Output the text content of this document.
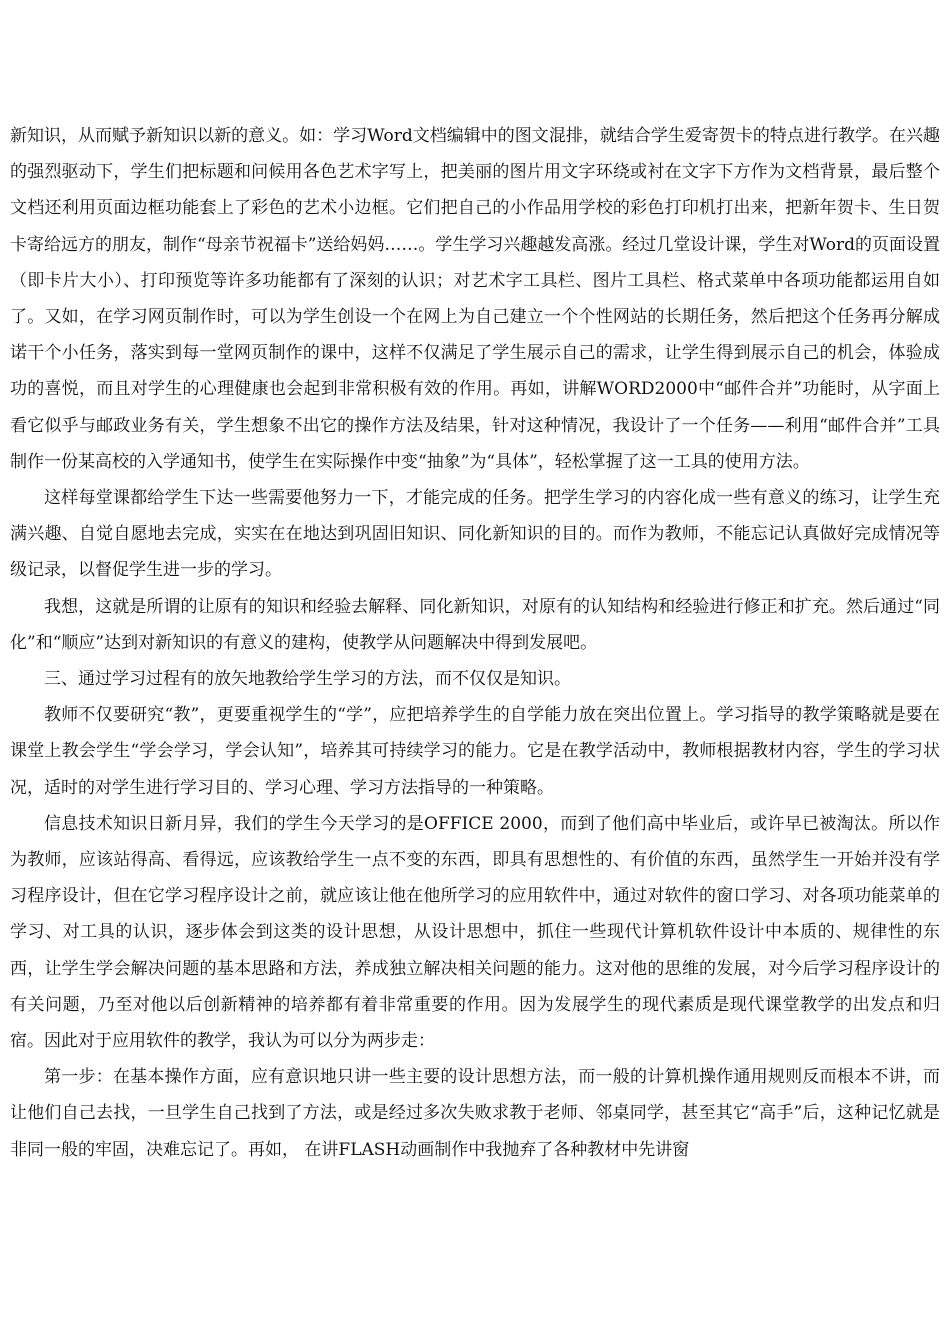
新知识，从而赋予新知识以新的意义。如：学习Word文档编辑中的图文混排，就结合学生爱寄贺卡的特点进行教学。在兴趣的强烈驱动下，学生们把标题和问候用各色艺术字写上，把美丽的图片用文字环绕或衬在文字下方作为文档背景，最后整个文档还利用页面边框功能套上了彩色的艺术小边框。它们把自己的小作品用学校的彩色打印机打出来，把新年贺卡、生日贺卡寄给远方的朋友，制作“母亲节祝福卡”送给妈妈……。学生学习兴趣越发高涨。经过几堂设计课，学生对Word的页面设置（即卡片大小）、打印预览等许多功能都有了深刻的认识；对艺术字工具栏、图片工具栏、格式菜单中各项功能都运用自如了。又如，在学习网页制作时，可以为学生创设一个在网上为自己建立一个个性网站的长期任务，然后把这个任务再分解成诺干个小任务，落实到每一堂网页制作的课中，这样不仅满足了学生展示自己的需求，让学生得到展示自己的机会，体验成功的喜悦，而且对学生的心理健康也会起到非常积极有效的作用。再如，讲解WORD2000中“邮件合并”功能时，从字面上看它似乎与邮政业务有关，学生想象不出它的操作方法及结果，针对这种情况，我设计了一个任务——利用“邮件合并”工具制作一份某高校的入学通知书，使学生在实际操作中变“抽象”为“具体”，轻松掌握了这一工具的使用方法。

这样每堂课都给学生下达一些需要他努力一下，才能完成的任务。把学生学习的内容化成一些有意义的练习，让学生充满兴趣、自觉自愿地去完成，实实在在地达到巩固旧知识、同化新知识的目的。而作为教师，不能忘记认真做好完成情况等级记录，以督促学生进一步的学习。

我想，这就是所谓的让原有的知识和经验去解释、同化新知识，对原有的认知结构和经验进行修正和扩充。然后通过“同化”和“顺应”达到对新知识的有意义的建构，使教学从问题解决中得到发展吧。

三、通过学习过程有的放矢地教给学生学习的方法，而不仅仅是知识。

教师不仅要研究“教”，更要重视学生的“学”，应把培养学生的自学能力放在突出位置上。学习指导的教学策略就是要在课堂上教会学生“学会学习，学会认知”，培养其可持续学习的能力。它是在教学活动中，教师根据教材内容，学生的学习状况，适时的对学生进行学习目的、学习心理、学习方法指导的一种策略。

信息技术知识日新月异，我们的学生今天学习的是OFFICE 2000，而到了他们高中毕业后，或许早已被淘汰。所以作为教师，应该站得高、看得远，应该教给学生一点不变的东西，即具有思想性的、有价值的东西，虽然学生一开始并没有学习程序设计，但在它学习程序设计之前，就应该让他在他所学习的应用软件中，通过对软件的窗口学习、对各项功能菜单的学习、对工具的认识，逐步体会到这类的设计思想，从设计思想中，抓住一些现代计算机软件设计中本质的、规律性的东西，让学生学会解决问题的基本思路和方法，养成独立解决相关问题的能力。这对他的思维的发展，对今后学习程序设计的有关问题，乃至对他以后创新精神的培养都有着非常重要的作用。因为发展学生的现代素质是现代课堂教学的出发点和归宿。因此对于应用软件的教学，我认为可以分为两步走：

第一步：在基本操作方面，应有意识地只讲一些主要的设计思想方法，而一般的计算机操作通用规则反而根本不讲，而让他们自己去找，一旦学生自己找到了方法，或是经过多次失败求教于老师、邻桌同学，甚至其它“高手”后，这种记忆就是非同一般的牢固，决难忘记了。再如， 在讲FLASH动画制作中我抛弃了各种教材中先讲窗
